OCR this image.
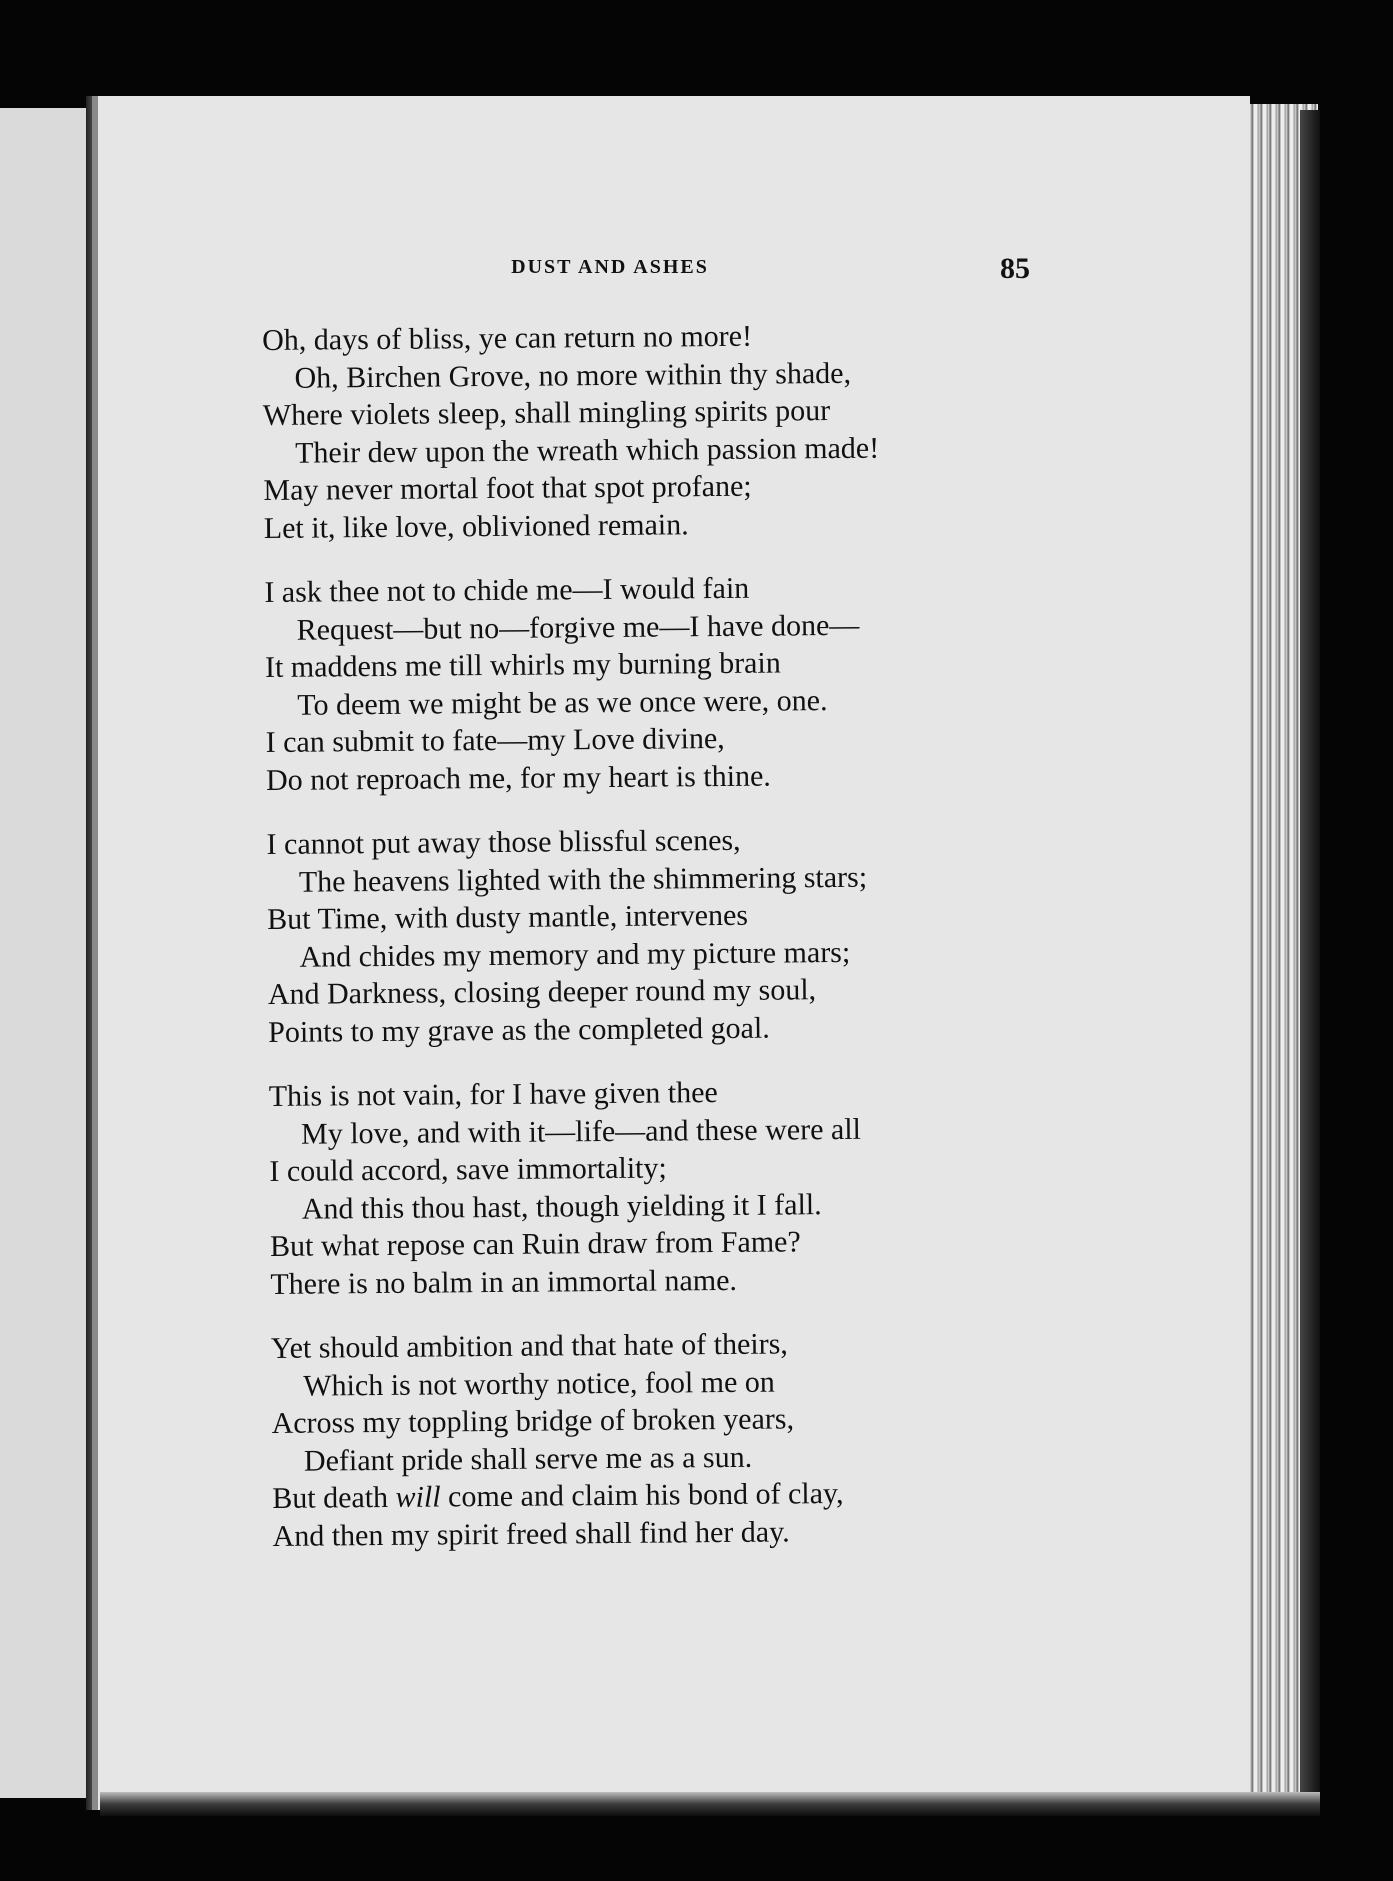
DUST AND ASHES	85
Oh, days of bliss, ye can return no more!
Oh, Birchen Grove, no more within thy shade,
Where violets sleep, shall mingling spirits pour
Their dew upon the wreath which passion made!
May never mortal foot that spot profane;
Let it, like love, oblivioned remain.
I ask thee not to chide me—I would fain
Request—but no—forgive me—I have done—
It maddens me till whirls my burning brain
To deem we might be as we once were, one.
I can submit to fate—my Love divine,
Do not reproach me, for my heart is thine.
I cannot put away those blissful scenes,
The heavens lighted with the shimmering stars;
But Time, with dusty mantle, intervenes
And chides my memory and my picture mars;
And Darkness, closing deeper round my soul,
Points to my grave as the completed goal.
This is not vain, for I have given thee
My love, and with it—life—and these were all
I could accord, save immortality;
And this thou hast, though yielding it I fall.
But what repose can Ruin draw from Fame?
There is no balm in an immortal name.
Yet should ambition and that hate of theirs,
Which is not worthy notice, fool me on
Across my toppling bridge of broken years,
Defiant pride shall serve me as a sun.
But death will come and claim his bond of clay,
And then my spirit freed shall find her day.
